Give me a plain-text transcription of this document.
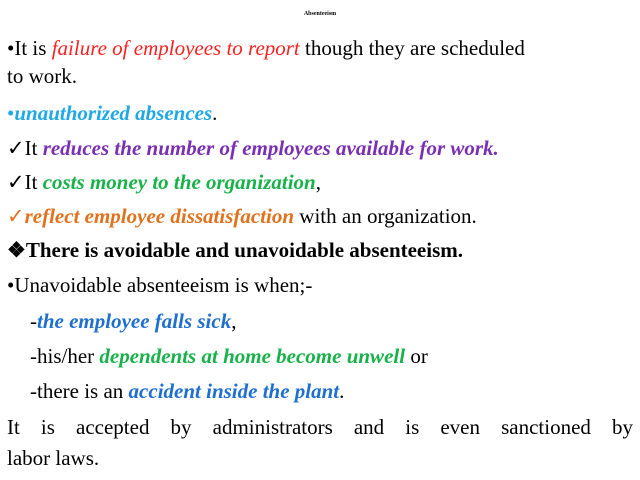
Absenteeism
•It is failure of employees to report though they are scheduled
to work.
•unauthorized absences.
✓It reduces the number of employees available for work.
✓It costs money to the organization,
✓reflect employee dissatisfaction with an organization.
❖There is avoidable and unavoidable absenteeism.
•Unavoidable absenteeism is when;-
-the employee falls sick,
-his/her dependents at home become unwell or
-there is an accident inside the plant.
It is accepted by administrators and is even sanctioned by
labor laws.
